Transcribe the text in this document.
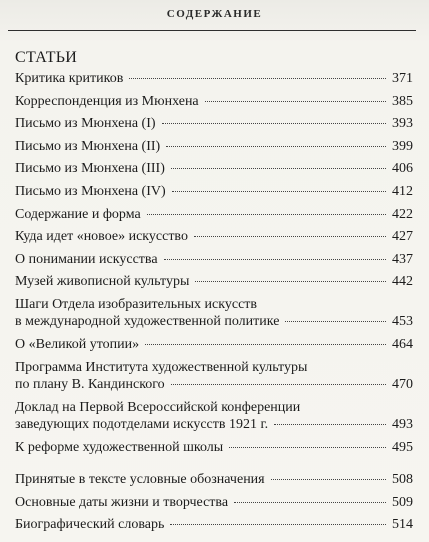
СОДЕРЖАНИЕ
СТАТЬИ
Критика критиков	371
Корреспонденция из Мюнхена	385
Письмо из Мюнхена (I)	393
Письмо из Мюнхена (II)	399
Письмо из Мюнхена (III)	406
Письмо из Мюнхена (IV)	412
Содержание и форма	422
Куда идет «новое» искусство	427
О понимании искусства	437
Музей живописной культуры	442
Шаги Отдела изобразительных искусств
в международной художественной политике	453
О «Великой утопии»	464
Программа Института художественной культуры
по плану В. Кандинского	470
Доклад на Первой Всероссийской конференции
заведующих подотделами искусств 1921 г.	493
К реформе художественной школы	495
Принятые в тексте условные обозначения	508
Основные даты жизни и творчества	509
Биографический словарь	514
